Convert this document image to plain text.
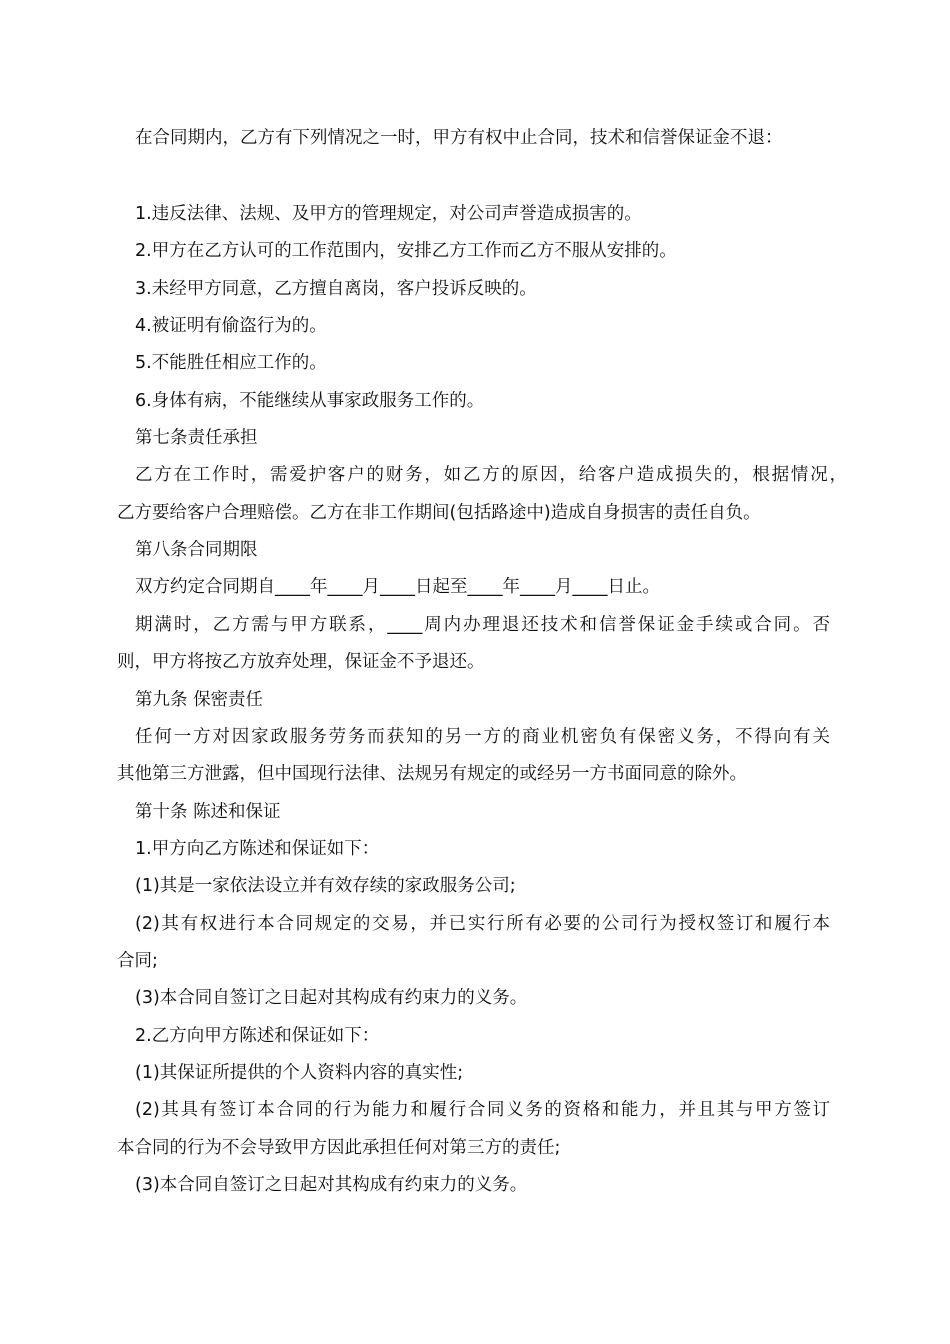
在合同期内，乙方有下列情况之一时，甲方有权中止合同，技术和信誉保证金不退：
1.违反法律、法规、及甲方的管理规定，对公司声誉造成损害的。
2.甲方在乙方认可的工作范围内，安排乙方工作而乙方不服从安排的。
3.未经甲方同意，乙方擅自离岗，客户投诉反映的。
4.被证明有偷盗行为的。
5.不能胜任相应工作的。
6.身体有病，不能继续从事家政服务工作的。
第七条责任承担
乙方在工作时，需爱护客户的财务，如乙方的原因，给客户造成损失的，根据情况，
乙方要给客户合理赔偿。乙方在非工作期间(包括路途中)造成自身损害的责任自负。
第八条合同期限
双方约定合同期自____年____月____日起至____年____月____日止。
期满时，乙方需与甲方联系，____周内办理退还技术和信誉保证金手续或合同。否
则，甲方将按乙方放弃处理，保证金不予退还。
第九条 保密责任
任何一方对因家政服务劳务而获知的另一方的商业机密负有保密义务，不得向有关
其他第三方泄露，但中国现行法律、法规另有规定的或经另一方书面同意的除外。
第十条 陈述和保证
1.甲方向乙方陈述和保证如下：
(1)其是一家依法设立并有效存续的家政服务公司;
(2)其有权进行本合同规定的交易，并已实行所有必要的公司行为授权签订和履行本
合同;
(3)本合同自签订之日起对其构成有约束力的义务。
2.乙方向甲方陈述和保证如下：
(1)其保证所提供的个人资料内容的真实性;
(2)其具有签订本合同的行为能力和履行合同义务的资格和能力，并且其与甲方签订
本合同的行为不会导致甲方因此承担任何对第三方的责任;
(3)本合同自签订之日起对其构成有约束力的义务。
